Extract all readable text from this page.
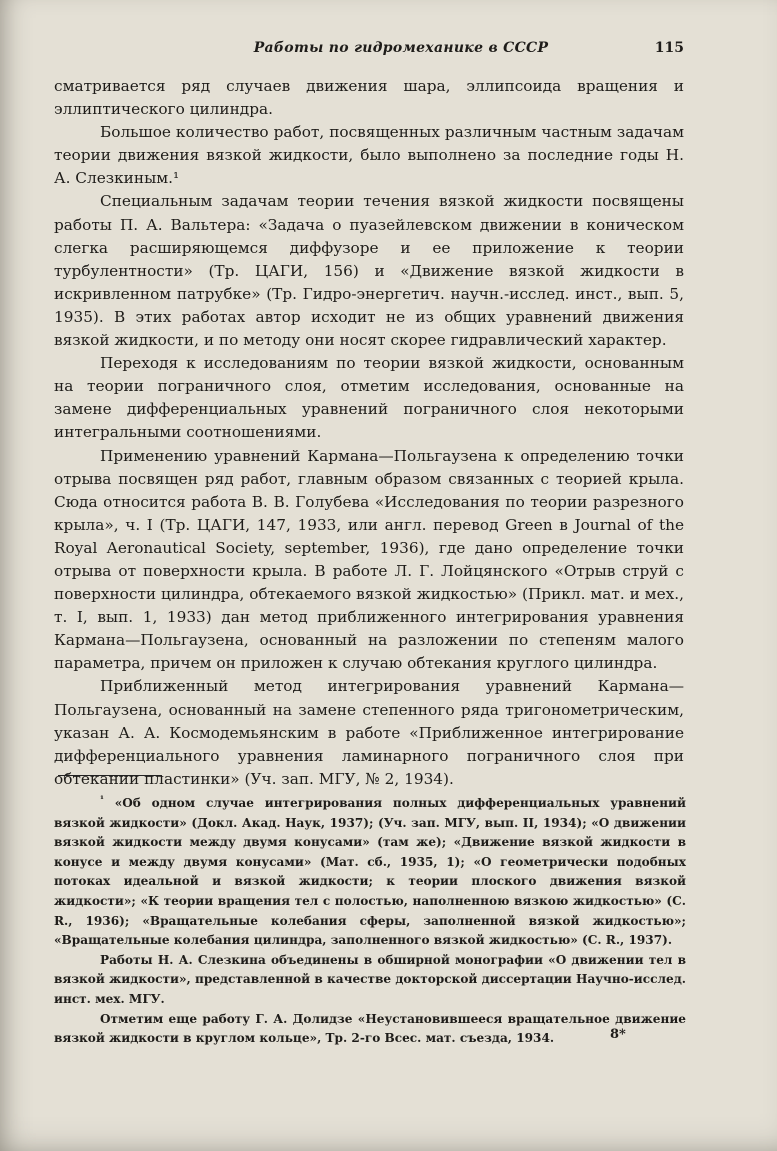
Работы по гидромеханике в СССР	115

сматривается ряд случаев движения шара, эллипсоида вращения и эллиптического цилиндра.

Большое количество работ, посвященных различным частным задачам теории движения вязкой жидкости, было выполнено за последние годы Н. А. Слезкиным.¹

Специальным задачам теории течения вязкой жидкости посвящены работы П. А. Вальтера: «Задача о пуазейлевском движении в коническом слегка расширяющемся диффузоре и ее приложение к теории турбулентности» (Тр. ЦАГИ, 156) и «Движение вязкой жидкости в искривленном патрубке» (Тр. Гидро-энергетич. научн.-исслед. инст., вып. 5, 1935). В этих работах автор исходит не из общих уравнений движения вязкой жидкости, и по методу они носят скорее гидравлический характер.

Переходя к исследованиям по теории вязкой жидкости, основанным на теории пограничного слоя, отметим исследования, основанные на замене дифференциальных уравнений пограничного слоя некоторыми интегральными соотношениями.

Применению уравнений Кармана—Польгаузена к определению точки отрыва посвящен ряд работ, главным образом связанных с теорией крыла. Сюда относится работа В. В. Голубева «Исследования по теории разрезного крыла», ч. I (Тр. ЦАГИ, 147, 1933, или англ. перевод Green в Journal of the Royal Aeronautical Society, september, 1936), где дано определение точки отрыва от поверхности крыла. В работе Л. Г. Лойцянского «Отрыв струй с поверхности цилиндра, обтекаемого вязкой жидкостью» (Прикл. мат. и мех., т. I, вып. 1, 1933) дан метод приближенного интегрирования уравнения Кармана—Польгаузена, основанный на разложении по степеням малого параметра, причем он приложен к случаю обтекания круглого цилиндра.

Приближенный метод интегрирования уравнений Кармана—Польгаузена, основанный на замене степенного ряда тригонометрическим, указан А. А. Космодемьянским в работе «Приближенное интегрирование дифференциального уравнения ламинарного пограничного слоя при обтекании пластинки» (Уч. зап. МГУ, № 2, 1934).

$^{^1}$ «Об одном случае интегрирования полных дифференциальных уравнений вязкой жидкости» (Докл. Акад. Наук, 1937); (Уч. зап. МГУ, вып. II, 1934); «О движении вязкой жидкости между двумя конусами» (там же); «Движение вязкой жидкости в конусе и между двумя конусами» (Мат. сб., 1935, 1); «О геометрически подобных потоках идеальной и вязкой жидкости; к теории плоского движения вязкой жидкости»; «К теории вращения тел с полостью, наполненною вязкою жидкостью» (С. R., 1936); «Вращательные колебания сферы, заполненной вязкой жидкостью»; «Вращательные колебания цилиндра, заполненного вязкой жидкостью» (С. R., 1937).

Работы Н. А. Слезкина объединены в обширной монографии «О движении тел в вязкой жидкости», представленной в качестве докторской диссертации Научно-исслед. инст. мех. МГУ.

Отметим еще работу Г. А. Долидзе «Неустановившееся вращательное движение вязкой жидкости в круглом кольце», Тр. 2-го Всес. мат. съезда, 1934.	8*
